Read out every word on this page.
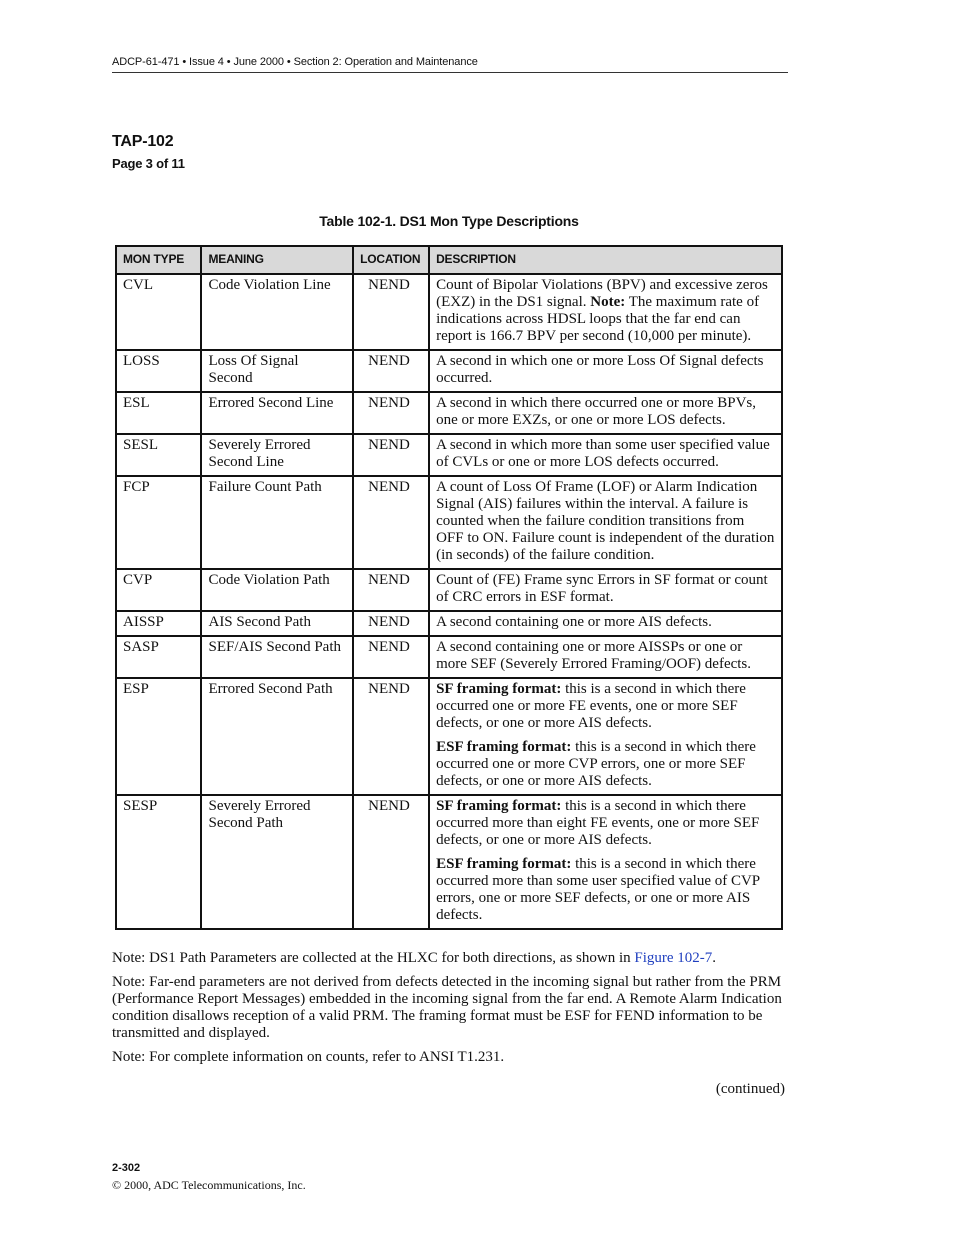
ADCP-61-471 • Issue 4 • June 2000 • Section 2: Operation and Maintenance
TAP-102
Page 3 of 11
Table 102-1. DS1 Mon Type Descriptions
MON TYPE	MEANING	LOCATION	DESCRIPTION
CVL	Code Violation Line	NEND	Count of Bipolar Violations (BPV) and excessive zeros (EXZ) in the DS1 signal. Note: The maximum rate of indications across HDSL loops that the far end can report is 166.7 BPV per second (10,000 per minute).

LOSS	Loss Of Signal Second	NEND	A second in which one or more Loss Of Signal defects occurred.

ESL	Errored Second Line	NEND	A second in which there occurred one or more BPVs, one or more EXZs, or one or more LOS defects.

SESL	Severely Errored Second Line	NEND	A second in which more than some user specified value of CVLs or one or more LOS defects occurred.

FCP	Failure Count Path	NEND	A count of Loss Of Frame (LOF) or Alarm Indication Signal (AIS) failures within the interval. A failure is counted when the failure condition transitions from OFF to ON. Failure count is independent of the duration (in seconds) of the failure condition.

CVP	Code Violation Path	NEND	Count of (FE) Frame sync Errors in SF format or count of CRC errors in ESF format.

AISSP	AIS Second Path	NEND	A second containing one or more AIS defects.

SASP	SEF/AIS Second Path	NEND	A second containing one or more AISSPs or one or more SEF (Severely Errored Framing/OOF) defects.

ESP	Errored Second Path	NEND	SF framing format: this is a second in which there occurred one or more FE events, one or more SEF defects, or one or more AIS defects.
ESF framing format: this is a second in which there occurred one or more CVP errors, one or more SEF defects, or one or more AIS defects.

SESP	Severely Errored Second Path	NEND	SF framing format: this is a second in which there occurred more than eight FE events, one or more SEF defects, or one or more AIS defects.
ESF framing format: this is a second in which there occurred more than some user specified value of CVP errors, one or more SEF defects, or one or more AIS defects.

Note: DS1 Path Parameters are collected at the HLXC for both directions, as shown in Figure 102-7.

Note: Far-end parameters are not derived from defects detected in the incoming signal but rather from the PRM (Performance Report Messages) embedded in the incoming signal from the far end. A Remote Alarm Indication condition disallows reception of a valid PRM. The framing format must be ESF for FEND information to be transmitted and displayed.

Note: For complete information on counts, refer to ANSI T1.231.

(continued)
2-302
© 2000, ADC Telecommunications, Inc.
